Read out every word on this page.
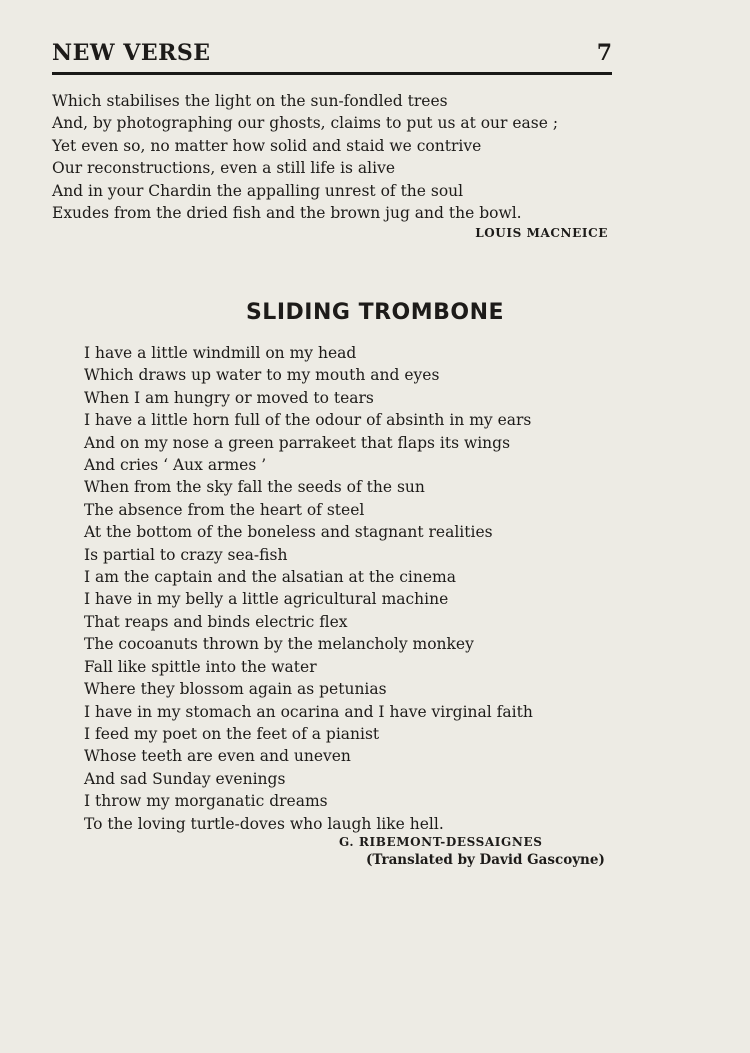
NEW VERSE	7
Which stabilises the light on the sun-fondled trees
And, by photographing our ghosts, claims to put us at our ease ;
Yet even so, no matter how solid and staid we contrive
Our reconstructions, even a still life is alive
And in your Chardin the appalling unrest of the soul
Exudes from the dried fish and the brown jug and the bowl.
LOUIS MACNEICE
SLIDING TROMBONE
I have a little windmill on my head
Which draws up water to my mouth and eyes
When I am hungry or moved to tears
I have a little horn full of the odour of absinth in my ears
And on my nose a green parrakeet that flaps its wings
And cries ‘ Aux armes ’
When from the sky fall the seeds of the sun
The absence from the heart of steel
At the bottom of the boneless and stagnant realities
Is partial to crazy sea-fish
I am the captain and the alsatian at the cinema
I have in my belly a little agricultural machine
That reaps and binds electric flex
The cocoanuts thrown by the melancholy monkey
Fall like spittle into the water
Where they blossom again as petunias
I have in my stomach an ocarina and I have virginal faith
I feed my poet on the feet of a pianist
Whose teeth are even and uneven
And sad Sunday evenings
I throw my morganatic dreams
To the loving turtle-doves who laugh like hell.
G. RIBEMONT-DESSAIGNES
(Translated by David Gascoyne)
